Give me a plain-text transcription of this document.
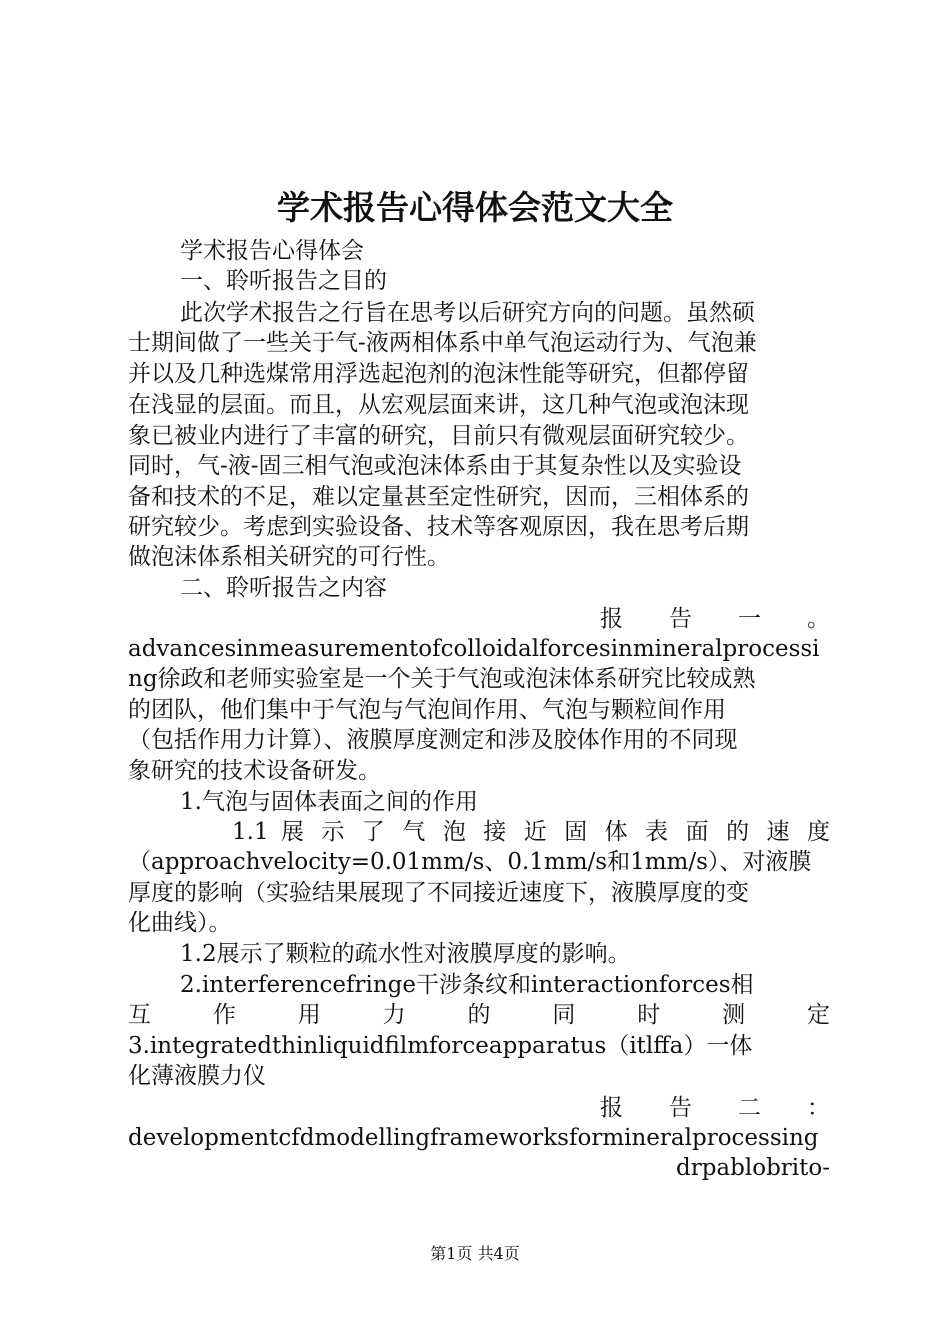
学术报告心得体会范文大全
学术报告心得体会
一、聆听报告之目的
此次学术报告之行旨在思考以后研究方向的问题。虽然硕
士期间做了一些关于气-液两相体系中单气泡运动行为、气泡兼
并以及几种选煤常用浮选起泡剂的泡沫性能等研究，但都停留
在浅显的层面。而且，从宏观层面来讲，这几种气泡或泡沫现
象已被业内进行了丰富的研究，目前只有微观层面研究较少。
同时，气-液-固三相气泡或泡沫体系由于其复杂性以及实验设
备和技术的不足，难以定量甚至定性研究，因而，三相体系的
研究较少。考虑到实验设备、技术等客观原因，我在思考后期
做泡沫体系相关研究的可行性。
二、聆听报告之内容
报　　告　　一　　。
advancesinmeasurementofcolloidalforcesinmineralprocessi
ng徐政和老师实验室是一个关于气泡或泡沫体系研究比较成熟
的团队，他们集中于气泡与气泡间作用、气泡与颗粒间作用
（包括作用力计算）、液膜厚度测定和涉及胶体作用的不同现
象研究的技术设备研发。
1.气泡与固体表面之间的作用
1.1 展 示 了 气 泡 接 近 固 体 表 面 的 速 度
（approachvelocity=0.01mm/s、0.1mm/s和1mm/s）、对液膜
厚度的影响（实验结果展现了不同接近速度下，液膜厚度的变
化曲线）。
1.2展示了颗粒的疏水性对液膜厚度的影响。
2.interferencefringe干涉条纹和interactionforces相
互　　作　　用　　力　　的　　同　　时　　测　　定
3.integratedthinliquidfilmforceapparatus（itlffa）一体
化薄液膜力仪
报　　告　　二　　：
developmentcfdmodellingframeworksformineralprocessing
drpablobrito-
第1页 共4页
